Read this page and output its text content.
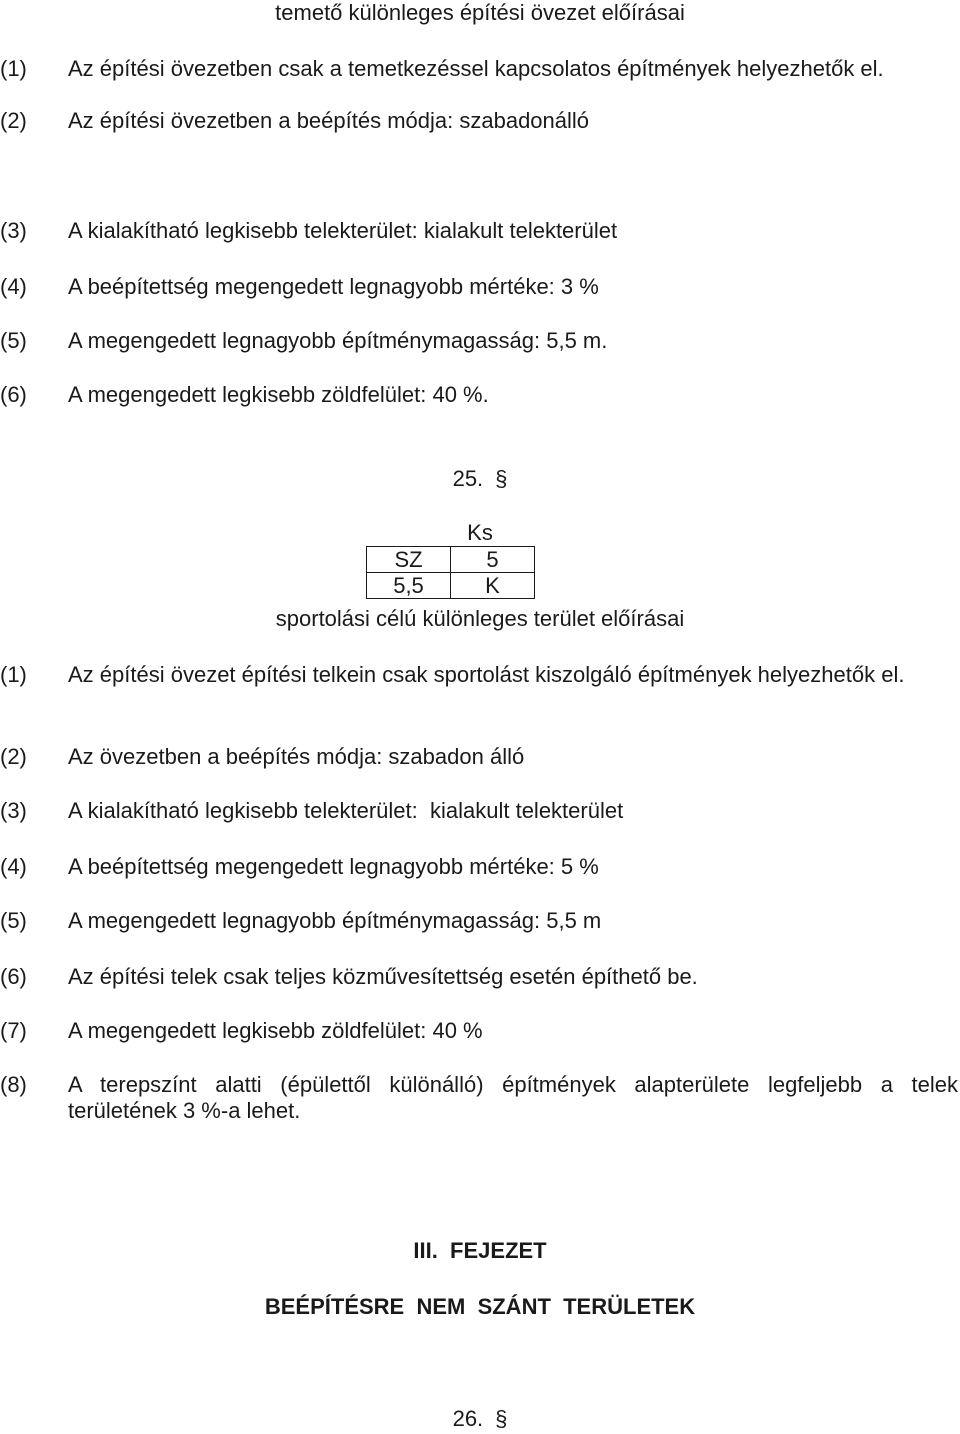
temető különleges építési övezet előírásai
(1) Az építési övezetben csak a temetkezéssel kapcsolatos építmények helyezhetők el.
(2) Az építési övezetben a beépítés módja: szabadonálló
(3) A kialakítható legkisebb telekterület: kialakult telekterület
(4) A beépítettség megengedett legnagyobb mértéke: 3 %
(5) A megengedett legnagyobb építménymagasság: 5,5 m.
(6) A megengedett legkisebb zöldfelület: 40 %.
25. §
Ks
SZ	5
5,5	K
sportolási célú különleges terület előírásai
(1) Az építési övezet építési telkein csak sportolást kiszolgáló építmények helyezhetők el.
(2) Az övezetben a beépítés módja: szabadon álló
(3) A kialakítható legkisebb telekterület:  kialakult telekterület
(4) A beépítettség megengedett legnagyobb mértéke: 5 %
(5) A megengedett legnagyobb építménymagasság: 5,5 m
(6) Az építési telek csak teljes közművesítettség esetén építhető be.
(7) A megengedett legkisebb zöldfelület: 40 %
(8) A terepszínt alatti (épülettől különálló) építmények alapterülete legfeljebb a telek területének 3 %-a lehet.
III.  FEJEZET
BEÉPÍTÉSRE  NEM  SZÁNT  TERÜLETEK
26. §
